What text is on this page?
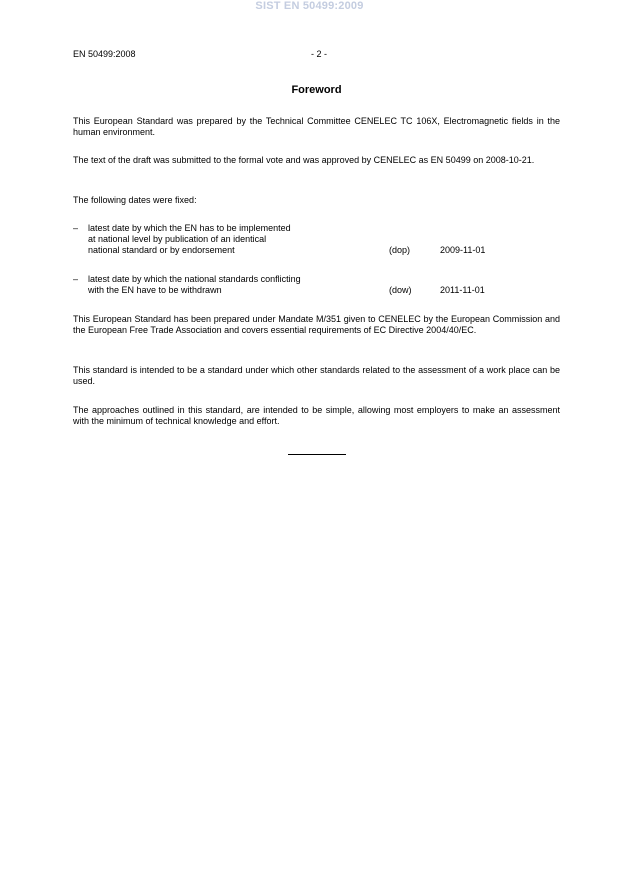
SIST EN 50499:2009
EN 50499:2008	- 2 -
Foreword
This European Standard was prepared by the Technical Committee CENELEC TC 106X, Electromagnetic fields in the human environment.
The text of the draft was submitted to the formal vote and was approved by CENELEC as EN 50499 on 2008-10-21.
The following dates were fixed:
– latest date by which the EN has to be implemented
at national level by publication of an identical
national standard or by endorsement	(dop)	2009-11-01
– latest date by which the national standards conflicting
with the EN have to be withdrawn	(dow)	2011-11-01
This European Standard has been prepared under Mandate M/351 given to CENELEC by the European Commission and the European Free Trade Association and covers essential requirements of EC Directive 2004/40/EC.
This standard is intended to be a standard under which other standards related to the assessment of a work place can be used.
The approaches outlined in this standard, are intended to be simple, allowing most employers to make an assessment with the minimum of technical knowledge and effort.
